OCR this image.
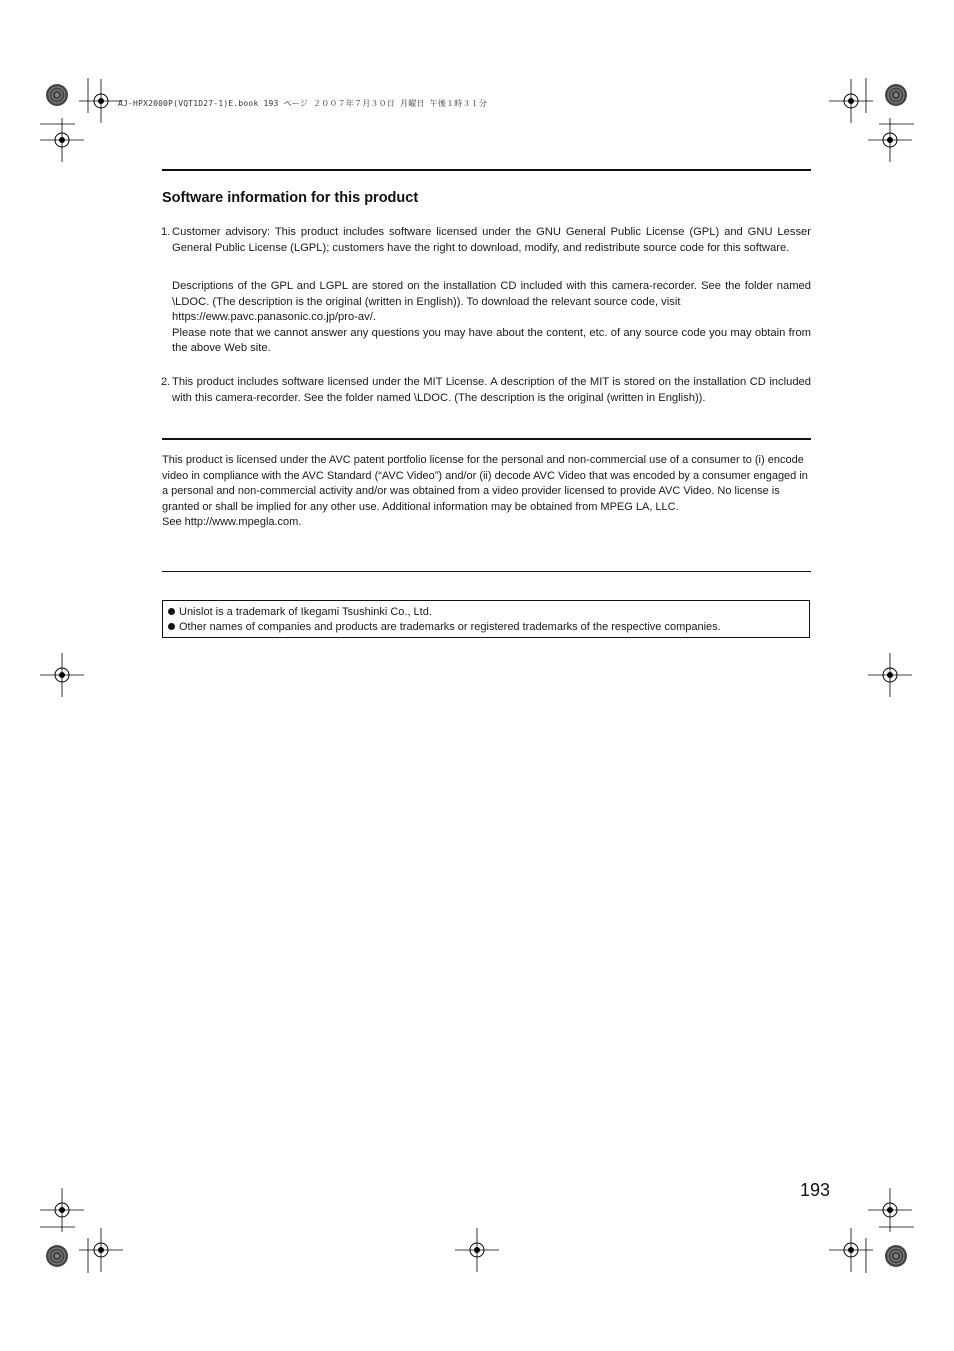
AJ-HPX2000P(VQT1D27-1)E.book 193 ページ ２００７年７月３０日 月曜日 午後１時３１分
Software information for this product
1. Customer advisory: This product includes software licensed under the GNU General Public License (GPL) and GNU Lesser General Public License (LGPL); customers have the right to download, modify, and redistribute source code for this software.
Descriptions of the GPL and LGPL are stored on the installation CD included with this camera-recorder. See the folder named \LDOC. (The description is the original (written in English)). To download the relevant source code, visit
https://eww.pavc.panasonic.co.jp/pro-av/.
Please note that we cannot answer any questions you may have about the content, etc. of any source code you may obtain from the above Web site.
2. This product includes software licensed under the MIT License. A description of the MIT is stored on the installation CD included with this camera-recorder. See the folder named \LDOC. (The description is the original (written in English)).

This product is licensed under the AVC patent portfolio license for the personal and non-commercial use of a consumer to (i) encode video in compliance with the AVC Standard (“AVC Video”) and/or (ii) decode AVC Video that was encoded by a consumer engaged in a personal and non-commercial activity and/or was obtained from a video provider licensed to provide AVC Video. No license is granted or shall be implied for any other use. Additional information may be obtained from MPEG LA, LLC.

See http://www.mpegla.com.

Unislot is a trademark of Ikegami Tsushinki Co., Ltd.
Other names of companies and products are trademarks or registered trademarks of the respective companies.
193
